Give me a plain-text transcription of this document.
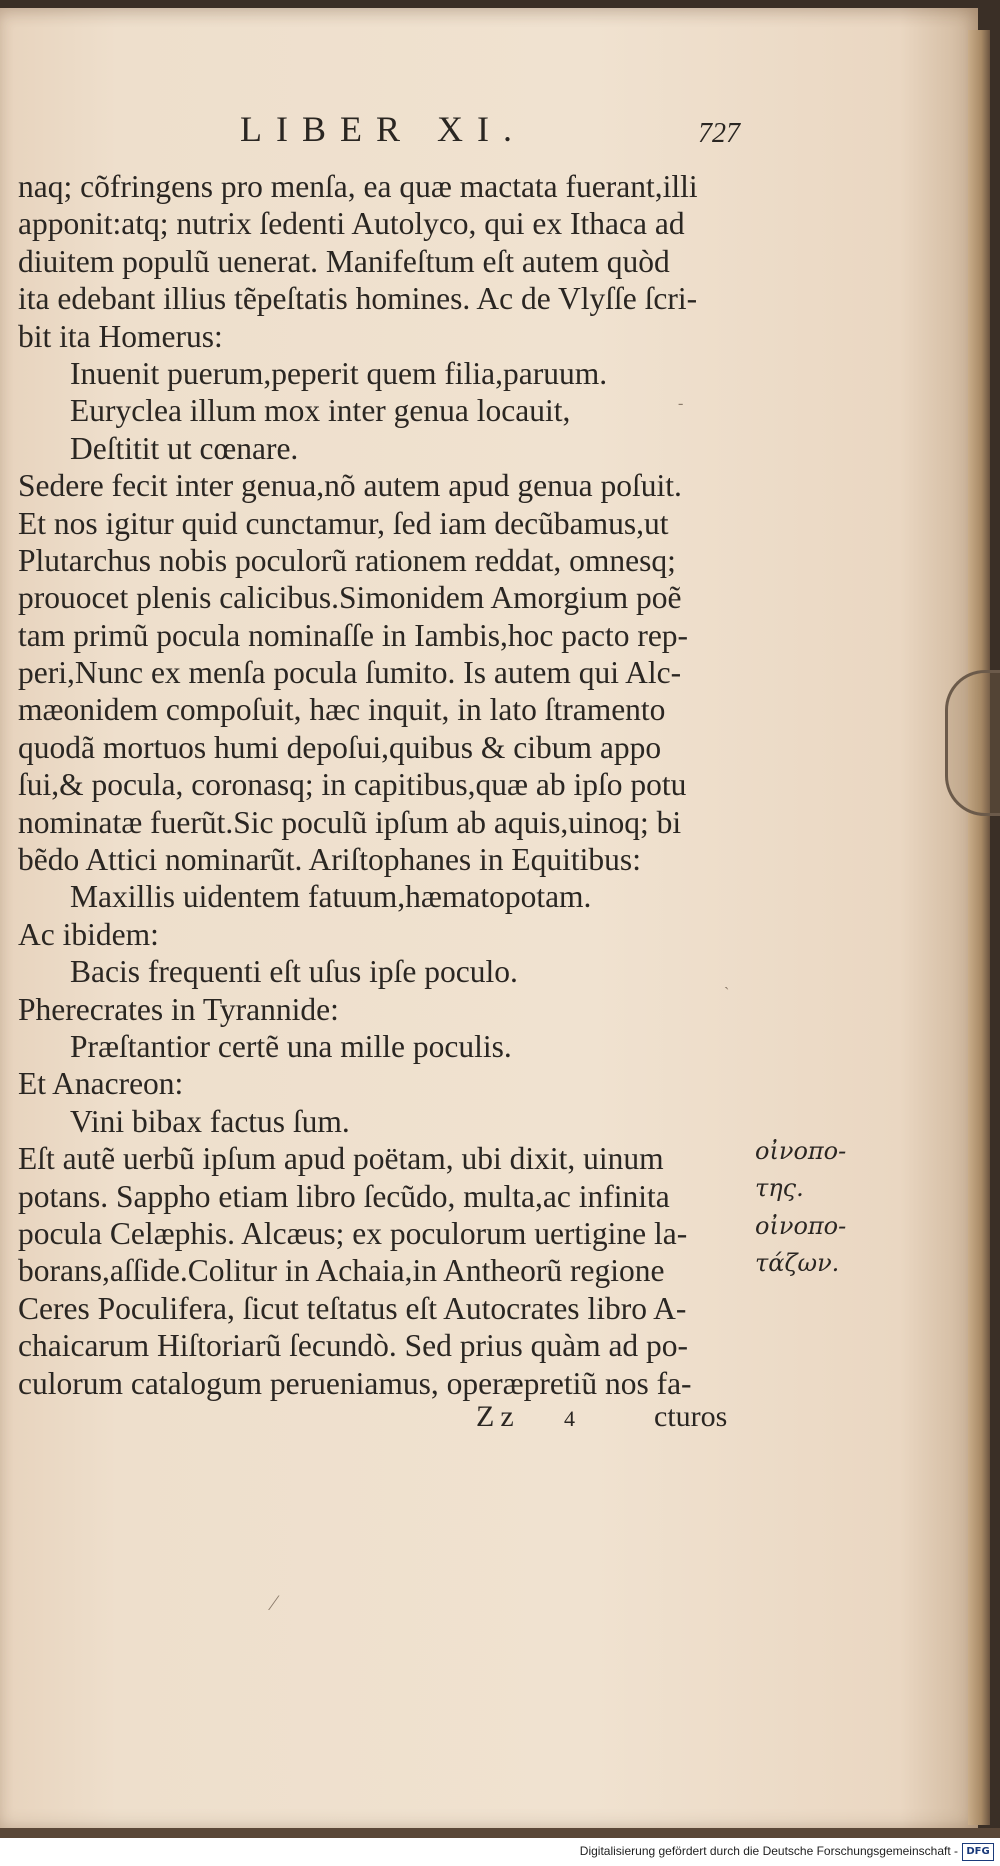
LIBER XI.	727
naq; cõfringens pro menſa, ea quæ mactata fuerant,illi
apponit:atq; nutrix ſedenti Autolyco, qui ex Ithaca ad
diuitem populũ uenerat. Manifeſtum eſt autem quòd
ita edebant illius tẽpeſtatis homines. Ac de Vlyſſe ſcri-
bit ita Homerus:
Inuenit puerum,peperit quem filia,paruum.
Euryclea illum mox inter genua locauit,
Deſtitit ut cœnare.
Sedere fecit inter genua,nõ autem apud genua poſuit.
Et nos igitur quid cunctamur, ſed iam decũbamus,ut
Plutarchus nobis poculorũ rationem reddat, omnesq;
prouocet plenis calicibus.Simonidem Amorgium poẽ
tam primũ pocula nominaſſe in Iambis,hoc pacto rep-
peri,Nunc ex menſa pocula ſumito. Is autem qui Alc-
mæonidem compoſuit, hæc inquit, in lato ſtramento
quodã mortuos humi depoſui,quibus & cibum appo
ſui,& pocula, coronasq; in capitibus,quæ ab ipſo potu
nominatæ fuerũt.Sic poculũ ipſum ab aquis,uinoq; bi
bẽdo Attici nominarũt. Ariſtophanes in Equitibus:
Maxillis uidentem fatuum,hæmatopotam.
Ac ibidem:
Bacis frequenti eſt uſus ipſe poculo.
Pherecrates in Tyrannide:
Præſtantior certẽ una mille poculis.
Et Anacreon:
Vini bibax factus ſum.
Eſt autẽ uerbũ ipſum apud poëtam, ubi dixit, uinum
potans. Sappho etiam libro ſecũdo, multa,ac infinita
pocula Celæphis. Alcæus; ex poculorum uertigine la-
borans,aſſide.Colitur in Achaia,in Antheorũ regione
Ceres Poculifera, ſicut teſtatus eſt Autocrates libro A-
chaicarum Hiſtoriarũ ſecundò. Sed prius quàm ad po-
culorum catalogum perueniamus, operæpretiũ nos fa-
οἰνοπο-
της.
οἰνοπο-
τάζων.
Zz 4	cturos
⁄
`
-
Digitalisierung gefördert durch die Deutsche Forschungsgemeinschaft - DFG
